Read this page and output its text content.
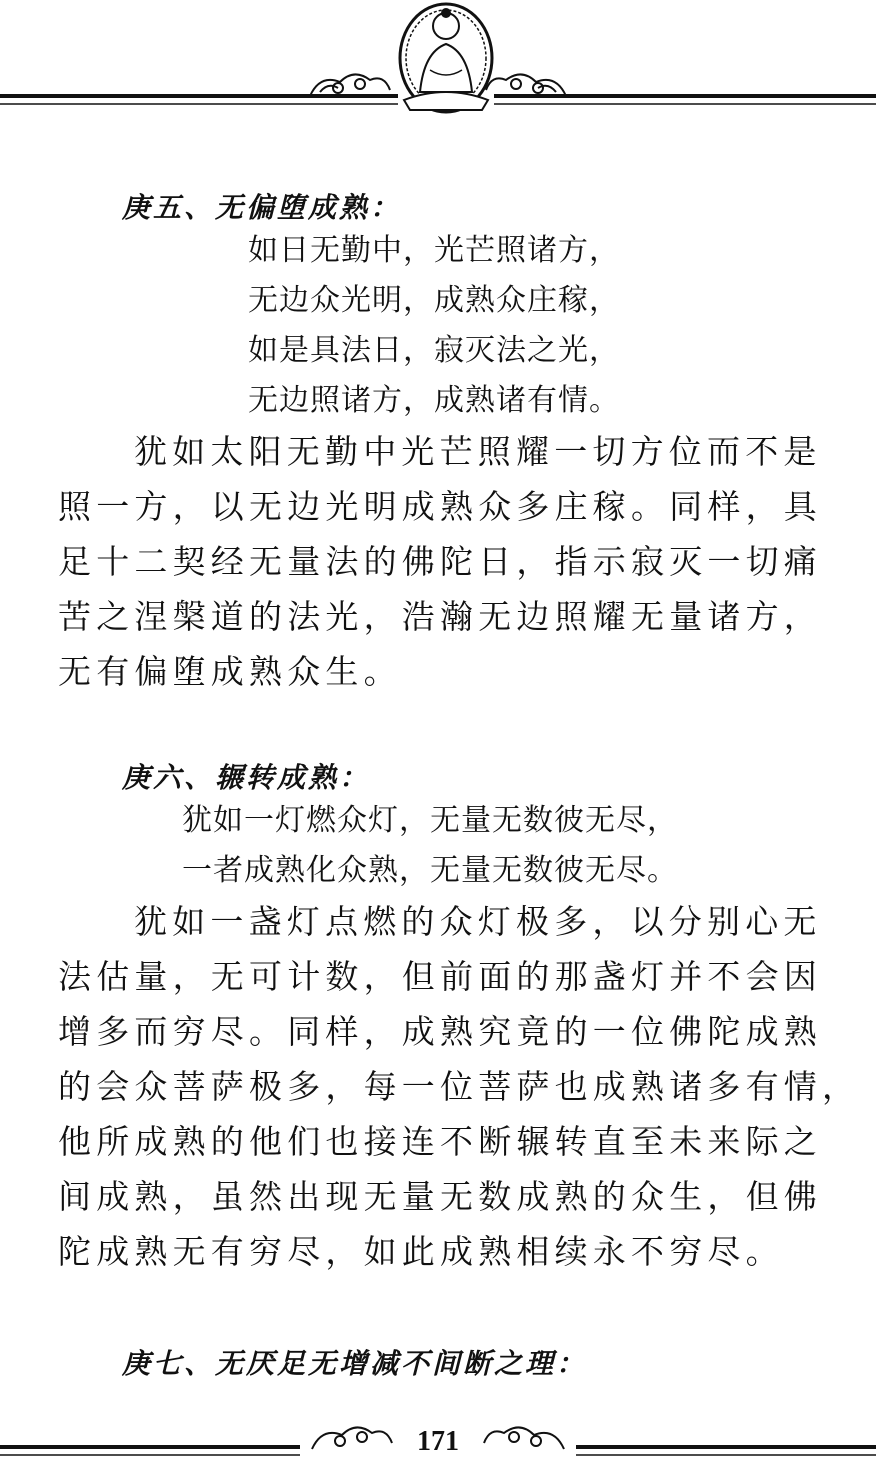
庚五、无偏堕成熟：
如日无勤中，光芒照诸方，
无边众光明，成熟众庄稼，
如是具法日，寂灭法之光，
无边照诸方，成熟诸有情。
犹如太阳无勤中光芒照耀一切方位而不是
照一方，以无边光明成熟众多庄稼。同样，具
足十二契经无量法的佛陀日，指示寂灭一切痛
苦之涅槃道的法光，浩瀚无边照耀无量诸方，
无有偏堕成熟众生。
庚六、辗转成熟：
犹如一灯燃众灯，无量无数彼无尽，
一者成熟化众熟，无量无数彼无尽。
犹如一盏灯点燃的众灯极多，以分别心无
法估量，无可计数，但前面的那盏灯并不会因
增多而穷尽。同样，成熟究竟的一位佛陀成熟
的会众菩萨极多，每一位菩萨也成熟诸多有情，
他所成熟的他们也接连不断辗转直至未来际之
间成熟，虽然出现无量无数成熟的众生，但佛
陀成熟无有穷尽，如此成熟相续永不穷尽。
庚七、无厌足无增减不间断之理：
171
